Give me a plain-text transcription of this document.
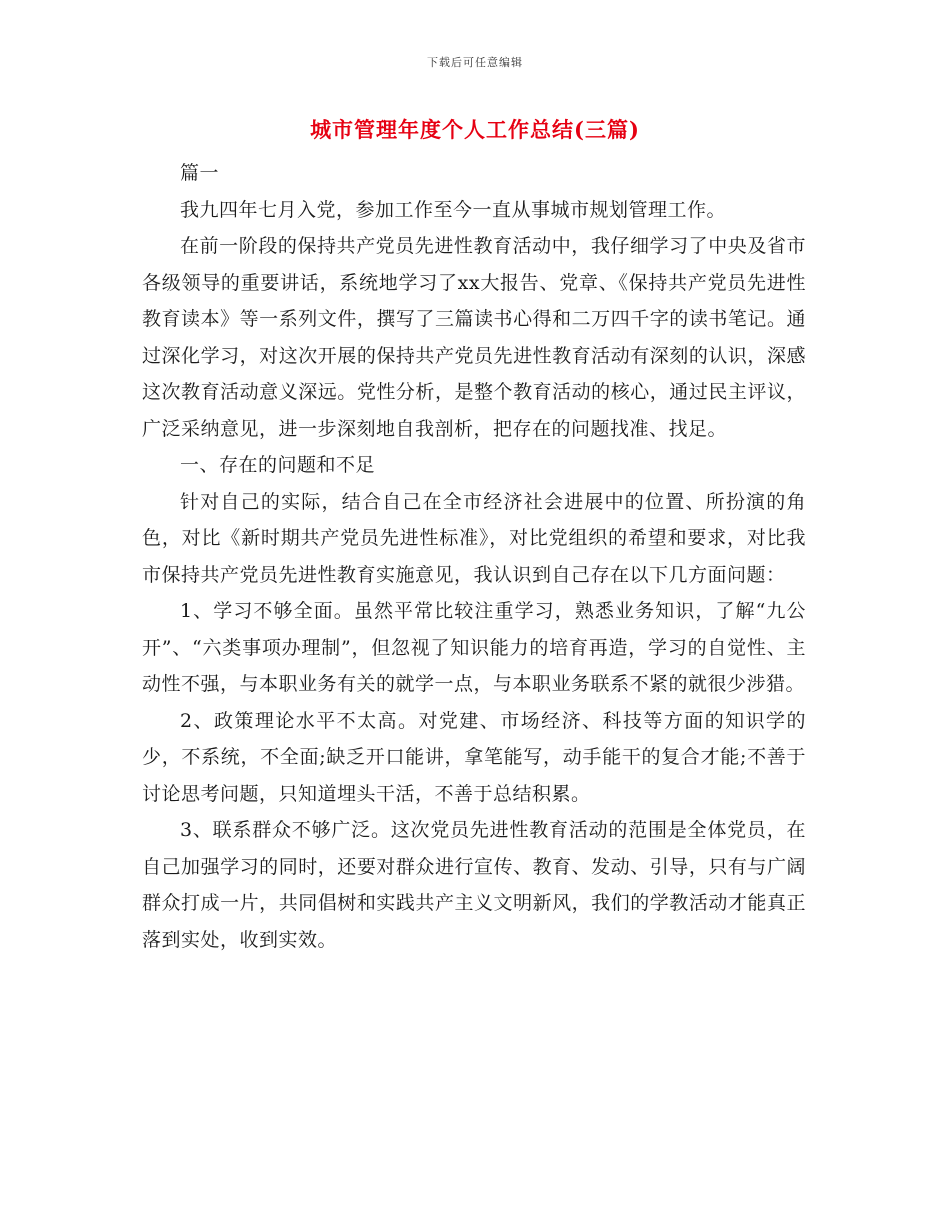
下载后可任意编辑
城市管理年度个人工作总结(三篇)

篇一

我九四年七月入党，参加工作至今一直从事城市规划管理工作。

在前一阶段的保持共产党员先进性教育活动中，我仔细学习了中央及省市各级领导的重要讲话，系统地学习了xx大报告、党章、《保持共产党员先进性教育读本》等一系列文件，撰写了三篇读书心得和二万四千字的读书笔记。通过深化学习，对这次开展的保持共产党员先进性教育活动有深刻的认识，深感这次教育活动意义深远。党性分析，是整个教育活动的核心，通过民主评议，广泛采纳意见，进一步深刻地自我剖析，把存在的问题找准、找足。

一、存在的问题和不足

针对自己的实际，结合自己在全市经济社会进展中的位置、所扮演的角色，对比《新时期共产党员先进性标准》，对比党组织的希望和要求，对比我市保持共产党员先进性教育实施意见，我认识到自己存在以下几方面问题：

1、学习不够全面。虽然平常比较注重学习，熟悉业务知识，了解“九公开”、“六类事项办理制”，但忽视了知识能力的培育再造，学习的自觉性、主动性不强，与本职业务有关的就学一点，与本职业务联系不紧的就很少涉猎。

2、政策理论水平不太高。对党建、市场经济、科技等方面的知识学的少，不系统，不全面;缺乏开口能讲，拿笔能写，动手能干的复合才能;不善于讨论思考问题，只知道埋头干活，不善于总结积累。

3、联系群众不够广泛。这次党员先进性教育活动的范围是全体党员，在自己加强学习的同时，还要对群众进行宣传、教育、发动、引导，只有与广阔群众打成一片，共同倡树和实践共产主义文明新风，我们的学教活动才能真正落到实处，收到实效。
